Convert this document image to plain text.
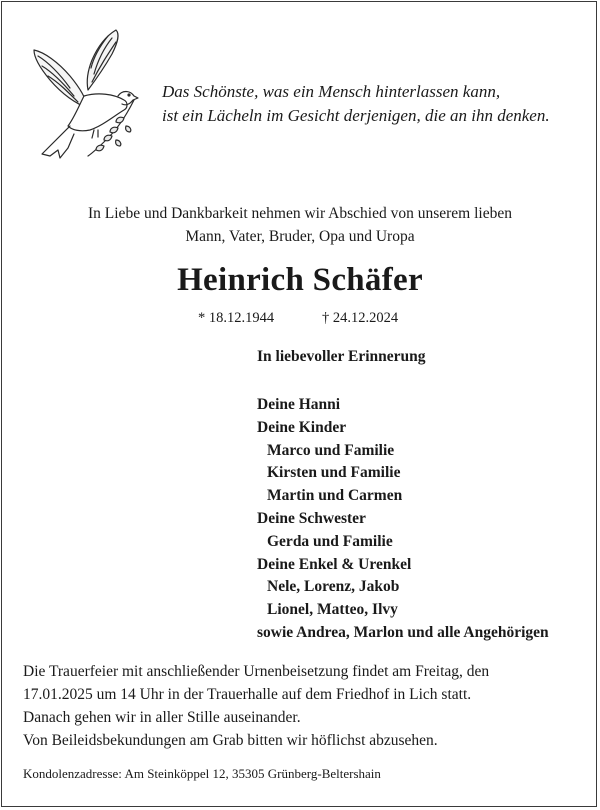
Das Schönste, was ein Mensch hinterlassen kann,
ist ein Lächeln im Gesicht derjenigen, die an ihn denken.
In Liebe und Dankbarkeit nehmen wir Abschied von unserem lieben
Mann, Vater, Bruder, Opa und Uropa
Heinrich Schäfer
* 18.12.1944	† 24.12.2024
In liebevoller Erinnerung
Deine Hanni
Deine Kinder
Marco und Familie
Kirsten und Familie
Martin und Carmen
Deine Schwester
Gerda und Familie
Deine Enkel & Urenkel
Nele, Lorenz, Jakob
Lionel, Matteo, Ilvy
sowie Andrea, Marlon und alle Angehörigen
Die Trauerfeier mit anschließender Urnenbeisetzung findet am Freitag, den
17.01.2025 um 14 Uhr in der Trauerhalle auf dem Friedhof in Lich statt.
Danach gehen wir in aller Stille auseinander.
Von Beileidsbekundungen am Grab bitten wir höflichst abzusehen.
Kondolenzadresse: Am Steinköppel 12, 35305 Grünberg-Beltershain
